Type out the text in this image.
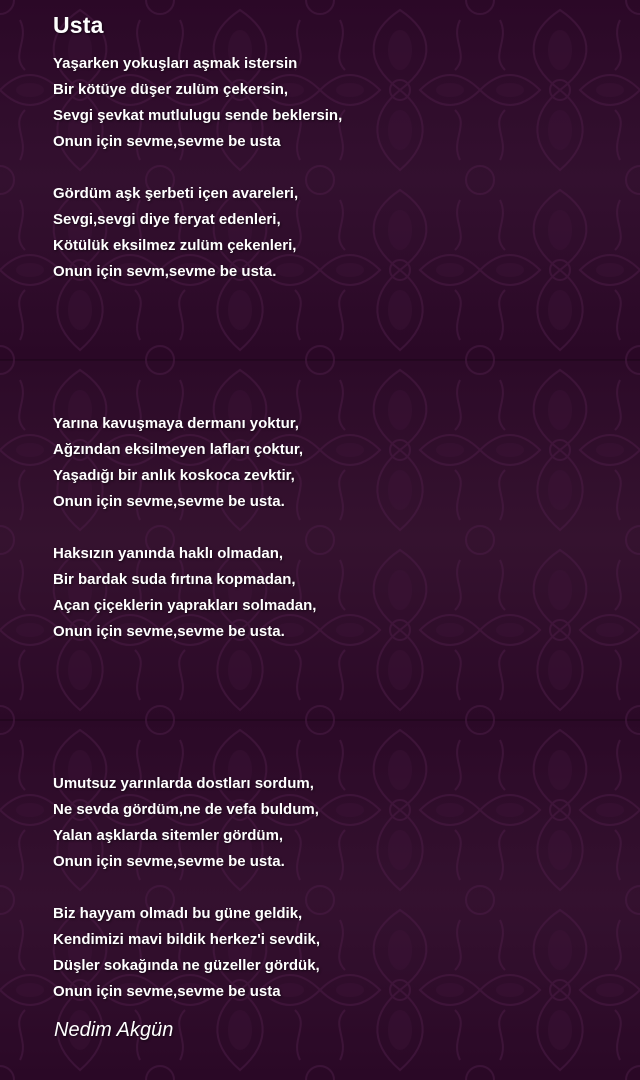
Usta
Yaşarken yokuşları aşmak istersin
Bir kötüye düşer zulüm çekersin,
Sevgi şevkat mutlulugu sende beklersin,
Onun için sevme,sevme be usta
Gördüm aşk şerbeti içen avareleri,
Sevgi,sevgi diye feryat edenleri,
Kötülük eksilmez zulüm çekenleri,
Onun için sevm,sevme be usta.
Yarına kavuşmaya dermanı yoktur,
Ağzından eksilmeyen lafları çoktur,
Yaşadığı bir anlık koskoca zevktir,
Onun için sevme,sevme be usta.
Haksızın yanında haklı olmadan,
Bir bardak suda fırtına kopmadan,
Açan çiçeklerin yaprakları solmadan,
Onun için sevme,sevme be usta.
Umutsuz yarınlarda dostları sordum,
Ne sevda gördüm,ne de vefa buldum,
Yalan aşklarda sitemler gördüm,
Onun için sevme,sevme be usta.
Biz hayyam olmadı bu güne geldik,
Kendimizi mavi bildik herkez'i sevdik,
Düşler sokağında ne güzeller gördük,
Onun için sevme,sevme be usta

Nedim Akgün
